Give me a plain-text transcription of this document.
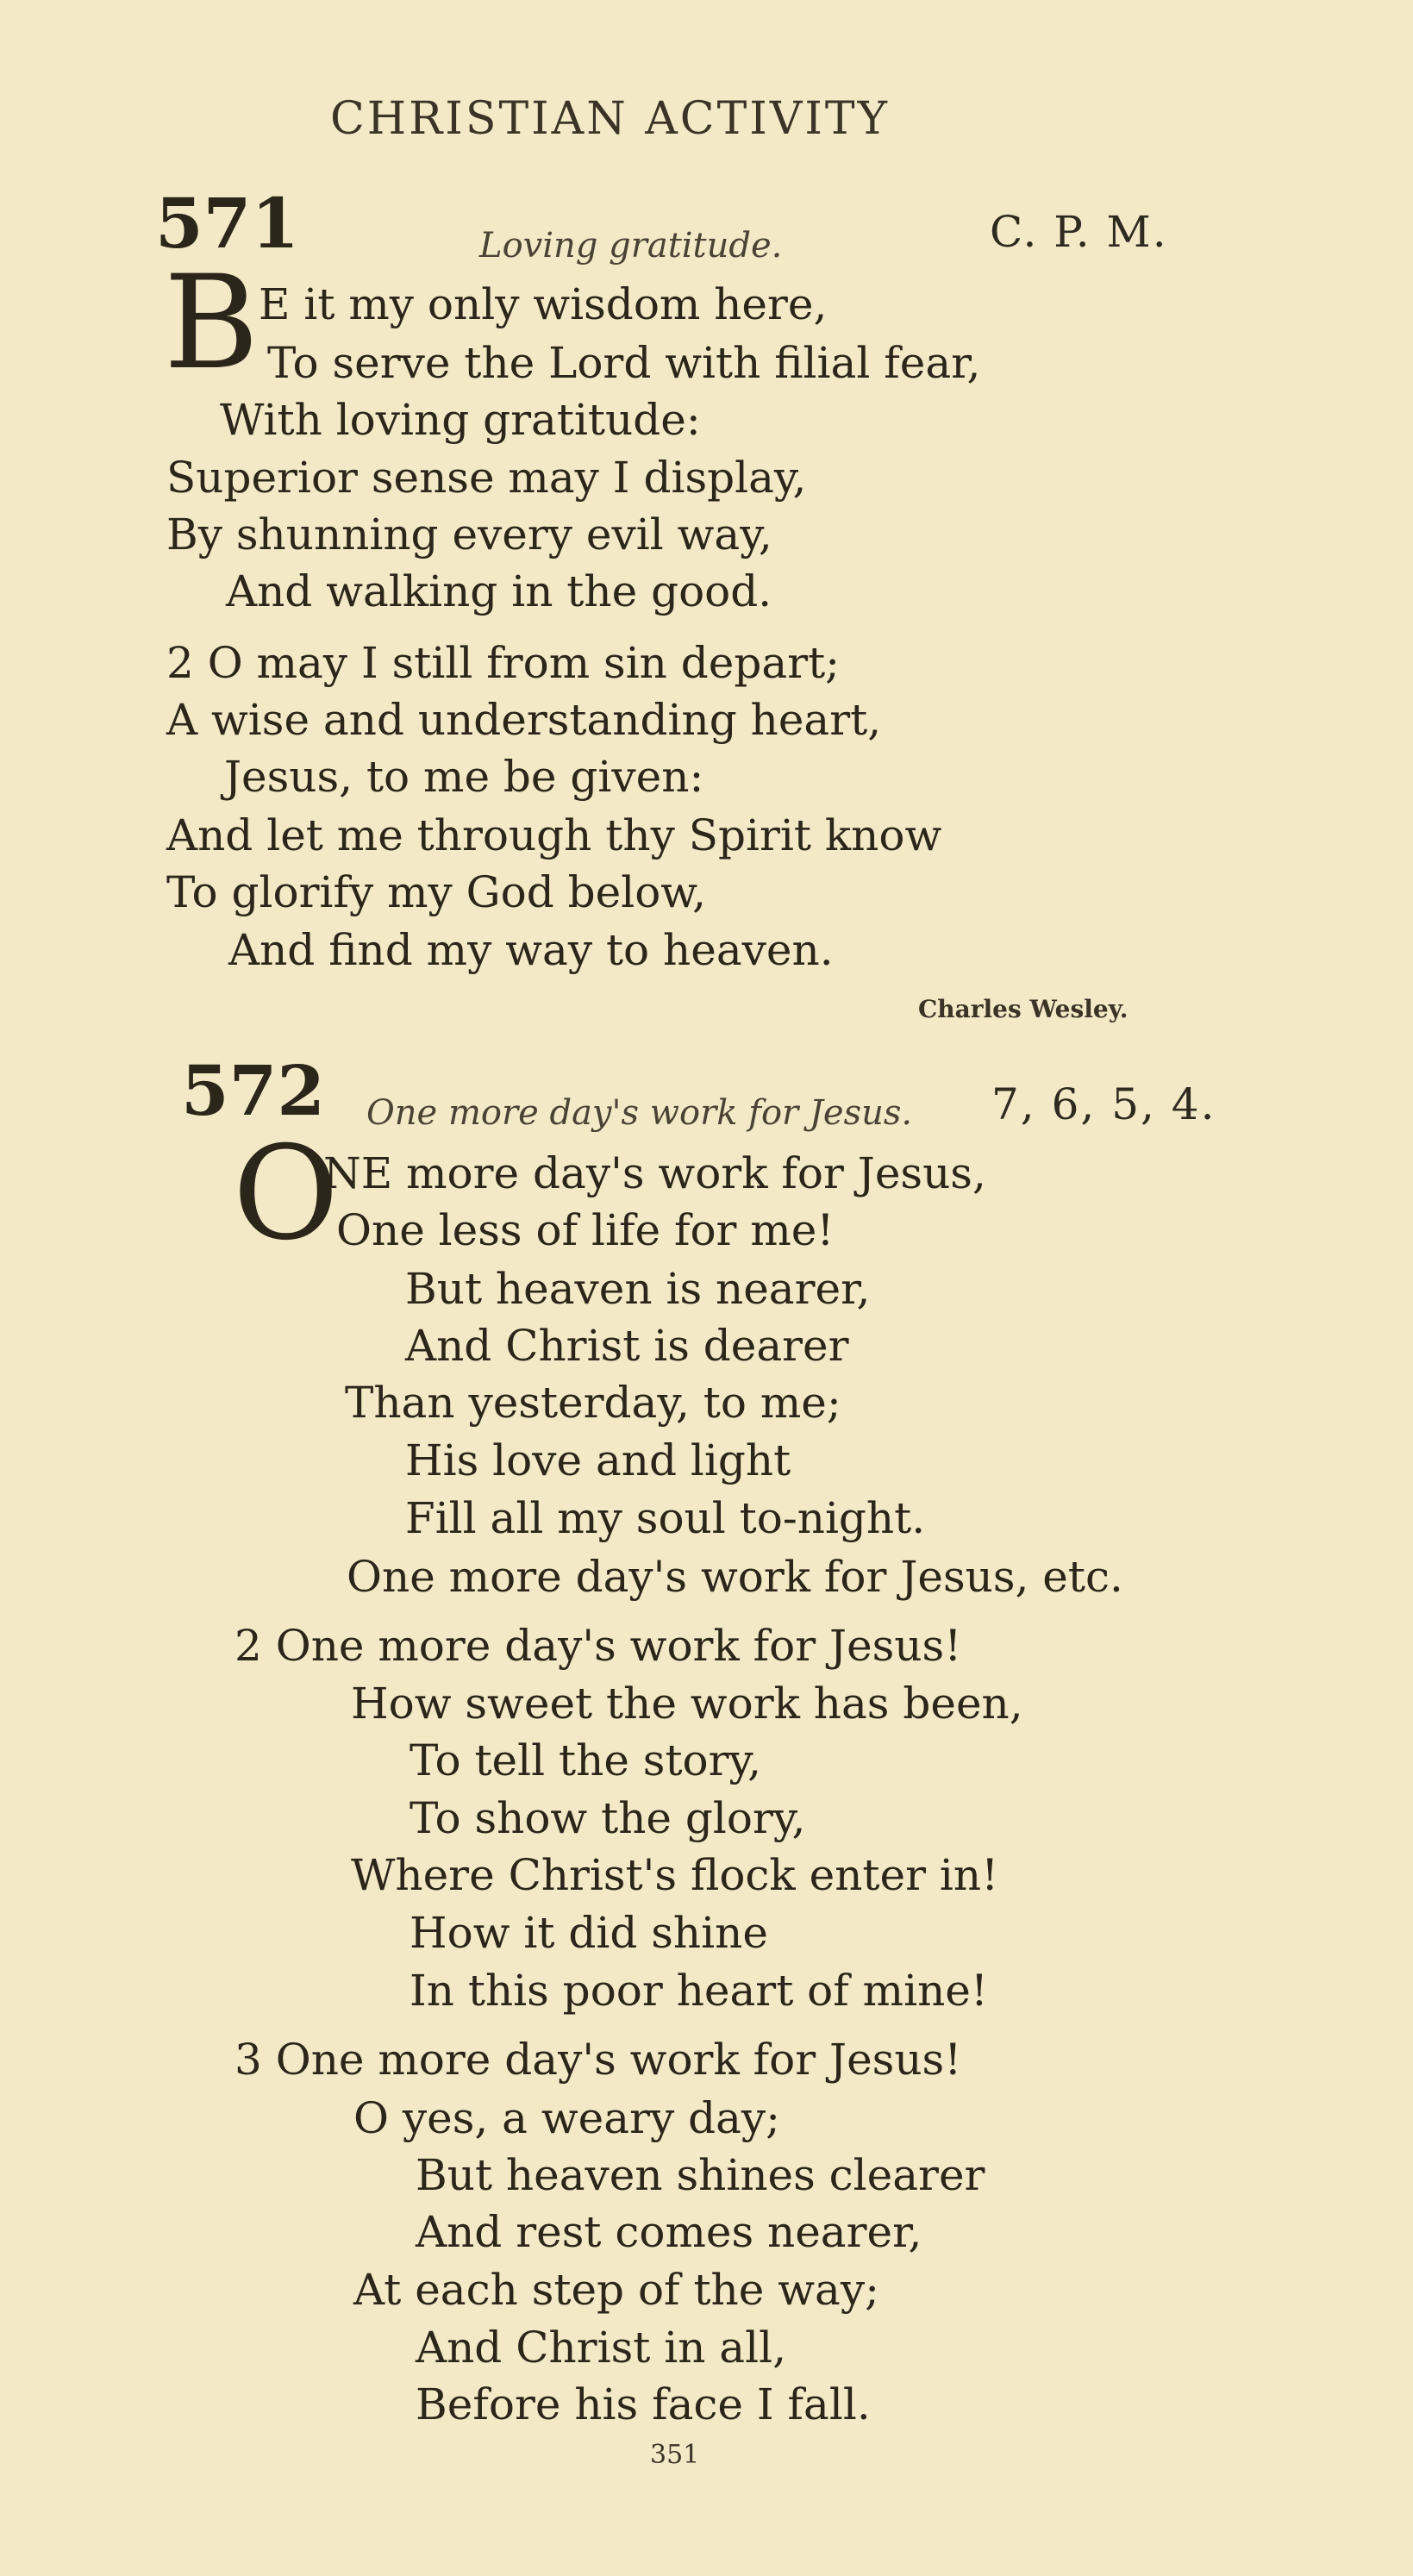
CHRISTIAN ACTIVITY
571	Loving gratitude.	C. P. M.
B E it my only wisdom here,
To serve the Lord with filial fear,
With loving gratitude:
Superior sense may I display,
By shunning every evil way,
And walking in the good.
2 O may I still from sin depart;
A wise and understanding heart,
Jesus, to me be given:
And let me through thy Spirit know
To glorify my God below,
And find my way to heaven.
Charles Wesley.
572 One more day's work for Jesus. 7, 6, 5, 4.
O
NE more day's work for Jesus,
One less of life for me!
But heaven is nearer,
And Christ is dearer
Than yesterday, to me;
His love and light
Fill all my soul to-night.
One more day's work for Jesus, etc.
2 One more day's work for Jesus!
How sweet the work has been,
To tell the story,
To show the glory,
Where Christ's flock enter in!
How it did shine
In this poor heart of mine!
3 One more day's work for Jesus!
O yes, a weary day;
But heaven shines clearer
And rest comes nearer,
At each step of the way;
And Christ in all,
Before his face I fall.
351
